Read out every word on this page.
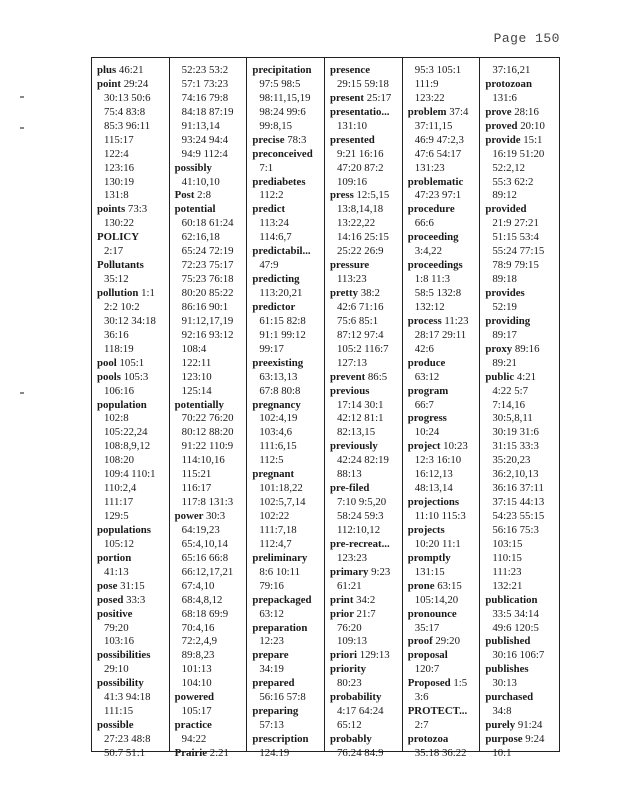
Page 150
plus 46:21
point 29:24
30:13 50:6
75:4 83:8
85:3 96:11
115:17
122:4
123:16
130:19
131:8
points 73:3
130:22
POLICY
2:17
Pollutants
35:12
pollution 1:1
2:2 10:2
30:12 34:18
36:16
118:19
pool 105:1
pools 105:3
106:16
population
102:8
105:22,24
108:8,9,12
108:20
109:4 110:1
110:2,4
111:17
129:5
populations
105:12
portion
41:13
pose 31:15
posed 33:3
positive
79:20
103:16
possibilities
29:10
possibility
41:3 94:18
111:15
possible
27:23 48:8
50:7 51:1
52:23 53:2
57:1 73:23
74:16 79:8
84:18 87:19
91:13,14
93:24 94:4
94:9 112:4
possibly
41:10,10
Post 2:8
potential
60:18 61:24
62:16,18
65:24 72:19
72:23 75:17
75:23 76:18
80:20 85:22
86:16 90:1
91:12,17,19
92:16 93:12
108:4
122:11
123:10
125:14
potentially
70:22 76:20
80:12 88:20
91:22 110:9
114:10,16
115:21
116:17
117:8 131:3
power 30:3
64:19,23
65:4,10,14
65:16 66:8
66:12,17,21
67:4,10
68:4,8,12
68:18 69:9
70:4,16
72:2,4,9
89:8,23
101:13
104:10
powered
105:17
practice
94:22
Prairie 2:21
precipitation
97:5 98:5
98:11,15,19
98:24 99:6
99:8,15
precise 78:3
preconceived
7:1
prediabetes
112:2
predict
113:24
114:6,7
predictabil...
47:9
predicting
113:20,21
predictor
61:15 82:8
91:1 99:12
99:17
preexisting
63:13,13
67:8 80:8
pregnancy
102:4,19
103:4,6
111:6,15
112:5
pregnant
101:18,22
102:5,7,14
102:22
111:7,18
112:4,7
preliminary
8:6 10:11
79:16
prepackaged
63:12
preparation
12:23
prepare
34:19
prepared
56:16 57:8
preparing
57:13
prescription
124:19
presence
29:15 59:18
present 25:17
presentatio...
131:10
presented
9:21 16:16
47:20 87:2
109:16
press 12:5,15
13:8,14,18
13:22,22
14:16 25:15
25:22 26:9
pressure
113:23
pretty 38:2
42:6 71:16
75:6 85:1
87:12 97:4
105:2 116:7
127:13
prevent 86:5
previous
17:14 30:1
42:12 81:1
82:13,15
previously
42:24 82:19
88:13
pre-filed
7:10 9:5,20
58:24 59:3
112:10,12
pre-recreat...
123:23
primary 9:23
61:21
print 34:2
prior 21:7
76:20
109:13
priori 129:13
priority
80:23
probability
4:17 64:24
65:12
probably
76:24 84:9
95:3 105:1
111:9
123:22
problem 37:4
37:11,15
46:9 47:2,3
47:6 54:17
131:23
problematic
47:23 97:1
procedure
66:6
proceeding
3:4,22
proceedings
1:8 11:3
58:5 132:8
132:12
process 11:23
28:17 29:11
42:6
produce
63:12
program
66:7
progress
10:24
project 10:23
12:3 16:10
16:12,13
48:13,14
projections
11:10 115:3
projects
10:20 11:1
promptly
131:15
prone 63:15
105:14,20
pronounce
35:17
proof 29:20
proposal
120:7
Proposed 1:5
3:6
PROTECT...
2:7
protozoa
35:18 36:22
37:16,21
protozoan
131:6
prove 28:16
proved 20:10
provide 15:1
16:19 51:20
52:2,12
55:3 62:2
89:12
provided
21:9 27:21
51:15 53:4
55:24 77:15
78:9 79:15
89:18
provides
52:19
providing
89:17
proxy 89:16
89:21
public 4:21
4:22 5:7
7:14,16
30:5,8,11
30:19 31:6
31:15 33:3
35:20,23
36:2,10,13
36:16 37:11
37:15 44:13
54:23 55:15
56:16 75:3
103:15
110:15
111:23
132:21
publication
33:5 34:14
49:6 120:5
published
30:16 106:7
publishes
30:13
purchased
34:8
purely 91:24
purpose 9:24
10:1
